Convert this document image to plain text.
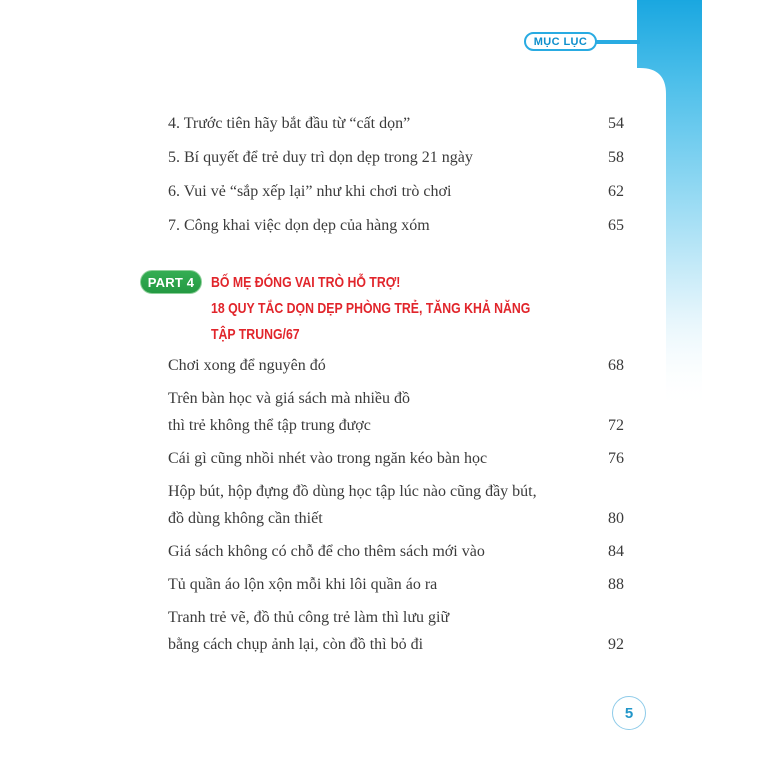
MỤC LỤC
4. Trước tiên hãy bắt đầu từ “cất dọn”	54
5. Bí quyết để trẻ duy trì dọn dẹp trong 21 ngày	58
6. Vui vẻ “sắp xếp lại” như khi chơi trò chơi	62
7. Công khai việc dọn dẹp của hàng xóm	65
PART 4 BỐ MẸ ĐÓNG VAI TRÒ HỖ TRỢ!
18 QUY TẮC DỌN DẸP PHÒNG TRẺ, TĂNG KHẢ NĂNG
TẬP TRUNG/67
Chơi xong để nguyên đó	68
Trên bàn học và giá sách mà nhiều đồ
thì trẻ không thể tập trung được	72
Cái gì cũng nhồi nhét vào trong ngăn kéo bàn học	76
Hộp bút, hộp đựng đồ dùng học tập lúc nào cũng đầy bút,
đồ dùng không cần thiết	80
Giá sách không có chỗ để cho thêm sách mới vào	84
Tủ quần áo lộn xộn mỗi khi lôi quần áo ra	88
Tranh trẻ vẽ, đồ thủ công trẻ làm thì lưu giữ
bằng cách chụp ảnh lại, còn đồ thì bỏ đi	92
5
